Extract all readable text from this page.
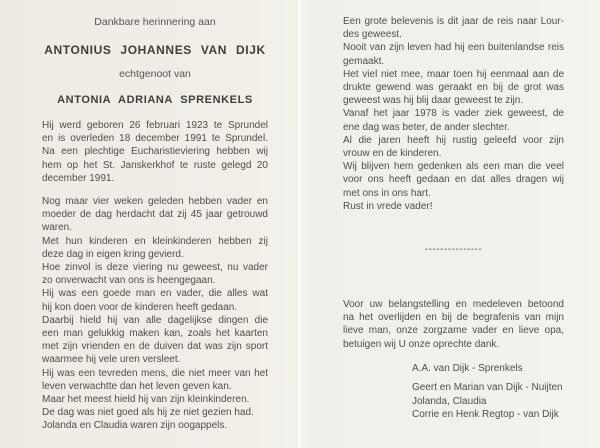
Dankbare herinnering aan
ANTONIUS JOHANNES VAN DIJK
echtgenoot van
ANTONIA ADRIANA SPRENKELS
Hij werd geboren 26 februari 1923 te Sprundel
en is overleden 18 december 1991 te Sprundel.
Na een plechtige Eucharistieviering hebben wij
hem op het St. Janskerkhof te ruste gelegd 20
december 1991.
Nog maar vier weken geleden hebben vader en
moeder de dag herdacht dat zij 45 jaar getrouwd
waren.
Met hun kinderen en kleinkinderen hebben zij
deze dag in eigen kring gevierd.
Hoe zinvol is deze viering nu geweest, nu vader
zo onverwacht van ons is heengegaan.
Hij was een goede man en vader, die alles wat
hij kon doen voor de kinderen heeft gedaan.
Daarbij hield hij van alle dagelijkse dingen die
een man gelukkig maken kan, zoals het kaarten
met zijn vrienden en de duiven dat was zijn sport
waarmee hij vele uren versleet.
Hij was een tevreden mens, die niet meer van het
leven verwachtte dan het leven geven kan.
Maar het meest hield hij van zijn kleinkinderen.
De dag was niet goed als hij ze niet gezien had.
Jolanda en Claudia waren zijn oogappels.
Een grote belevenis is dit jaar de reis naar Lour-
des geweest.
Nooit van zijn leven had hij een buitenlandse reis
gemaakt.
Het viel niet mee, maar toen hij eenmaal aan de
drukte gewend was geraakt en bij de grot was
geweest was hij blij daar geweest te zijn.
Vanaf het jaar 1978 is vader ziek geweest, de
ene dag was beter, de ander slechter.
Al die jaren heeft hij rustig geleefd voor zijn
vrouw en de kinderen.
Wij blijven hem gedenken als een man die veel
voor ons heeft gedaan en dat alles dragen wij
met ons in ons hart.
Rust in vrede vader!
---------------
Voor uw belangstelling en medeleven betoond
na het overlijden en bij de begrafenis van mijn
lieve man, onze zorgzame vader en lieve opa,
betuigen wij U onze oprechte dank.
A.A. van Dijk - Sprenkels
Geert en Marian van Dijk - Nuijten
Jolanda, Claudia
Corrie en Henk Regtop - van Dijk
